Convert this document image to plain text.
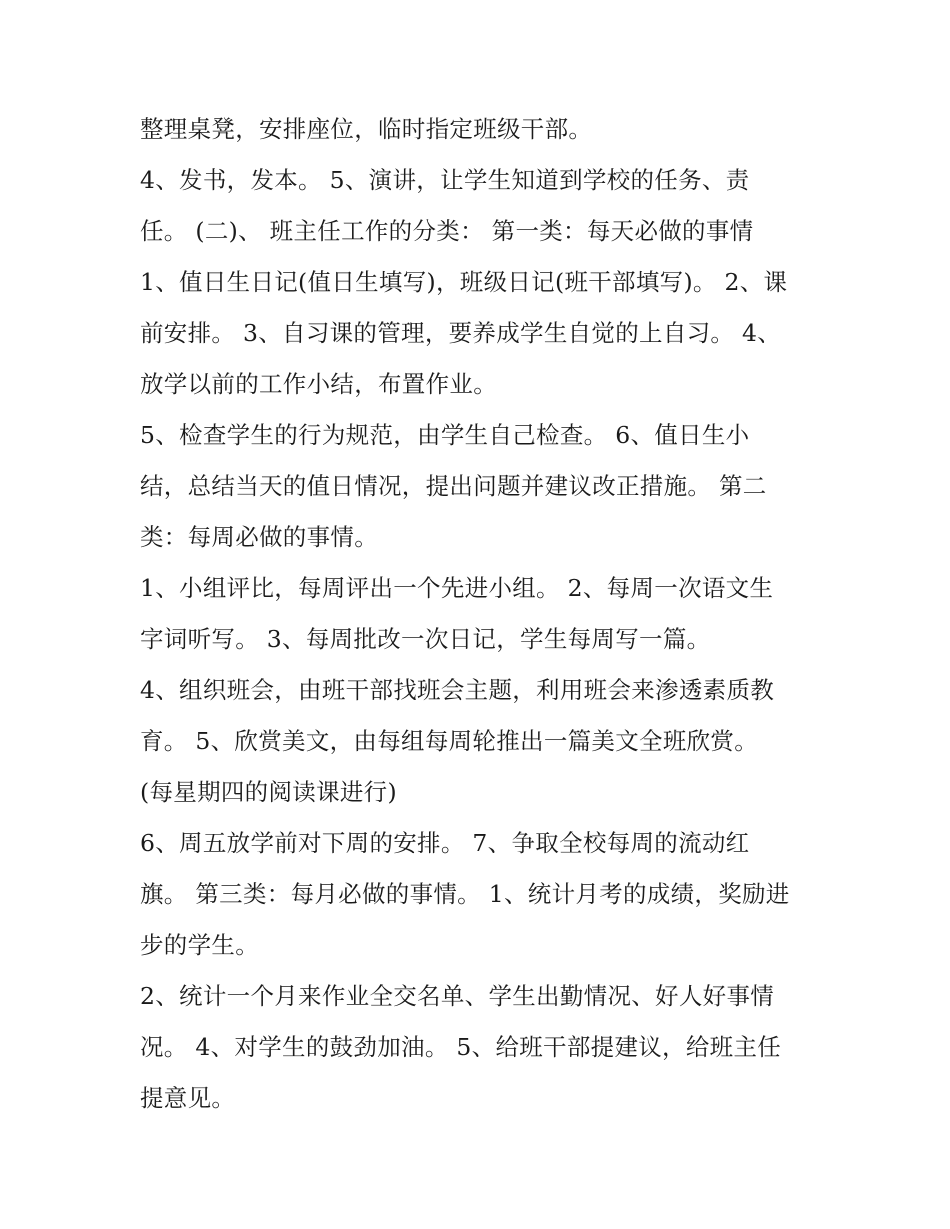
整理桌凳，安排座位，临时指定班级干部。
4、发书，发本。 5、演讲，让学生知道到学校的任务、责
任。 (二)、 班主任工作的分类： 第一类：每天必做的事情
1、值日生日记(值日生填写)，班级日记(班干部填写)。 2、课
前安排。 3、自习课的管理，要养成学生自觉的上自习。 4、
放学以前的工作小结，布置作业。
5、检查学生的行为规范，由学生自己检查。 6、值日生小
结，总结当天的值日情况，提出问题并建议改正措施。 第二
类：每周必做的事情。
1、小组评比，每周评出一个先进小组。 2、每周一次语文生
字词听写。 3、每周批改一次日记，学生每周写一篇。
4、组织班会，由班干部找班会主题，利用班会来渗透素质教
育。 5、欣赏美文，由每组每周轮推出一篇美文全班欣赏。
(每星期四的阅读课进行)
6、周五放学前对下周的安排。 7、争取全校每周的流动红
旗。 第三类：每月必做的事情。 1、统计月考的成绩，奖励进
步的学生。
2、统计一个月来作业全交名单、学生出勤情况、好人好事情
况。 4、对学生的鼓劲加油。 5、给班干部提建议，给班主任
提意见。
